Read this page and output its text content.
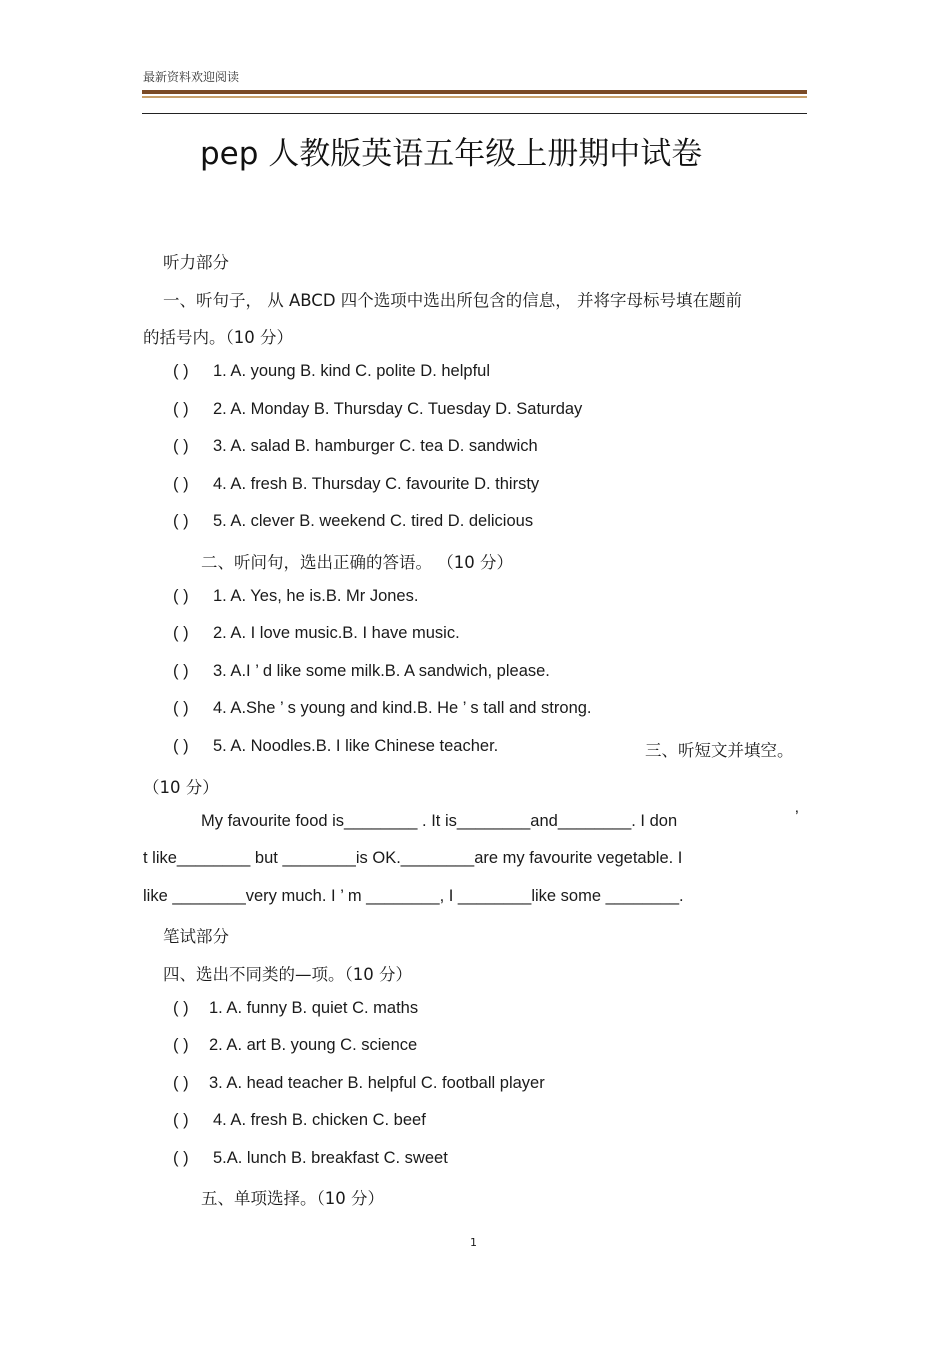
最新资料欢迎阅读
pep 人教版英语五年级上册期中试卷
听力部分
一、听句子， 从 ABCD 四个选项中选出所包含的信息， 并将字母标号填在题前
的括号内。（10 分）
( ) 1. A. young B. kind C. polite D. helpful
( ) 2. A. Monday B. Thursday C. Tuesday D. Saturday
( ) 3. A. salad B. hamburger C. tea D. sandwich
( ) 4. A. fresh B. Thursday C. favourite D. thirsty
( ) 5. A. clever B. weekend C. tired D. delicious
二、听问句，选出正确的答语。 （10 分）
( ) 1. A. Yes, he is.B. Mr Jones.
( ) 2. A. I love music.B. I have music.
( ) 3. A.I ’ d like some milk.B. A sandwich, please.
( ) 4. A.She ’ s young and kind.B. He ’ s tall and strong.
( ) 5. A. Noodles.B. I like Chinese teacher.	三、听短文并填空。
（10 分）
My favourite food is________ . It is________and________. I don	’
t like________ but ________is OK.________are my favourite vegetable. I
like ________very much. I ’ m ________, I ________like some ________.
笔试部分
四、选出不同类的—项。（10 分）
( ) 1. A. funny B. quiet C. maths
( ) 2. A. art B. young C. science
( ) 3. A. head teacher B. helpful C. football player
( ) 4. A. fresh B. chicken C. beef
( ) 5.A. lunch B. breakfast C. sweet
五、单项选择。（10 分）
1
